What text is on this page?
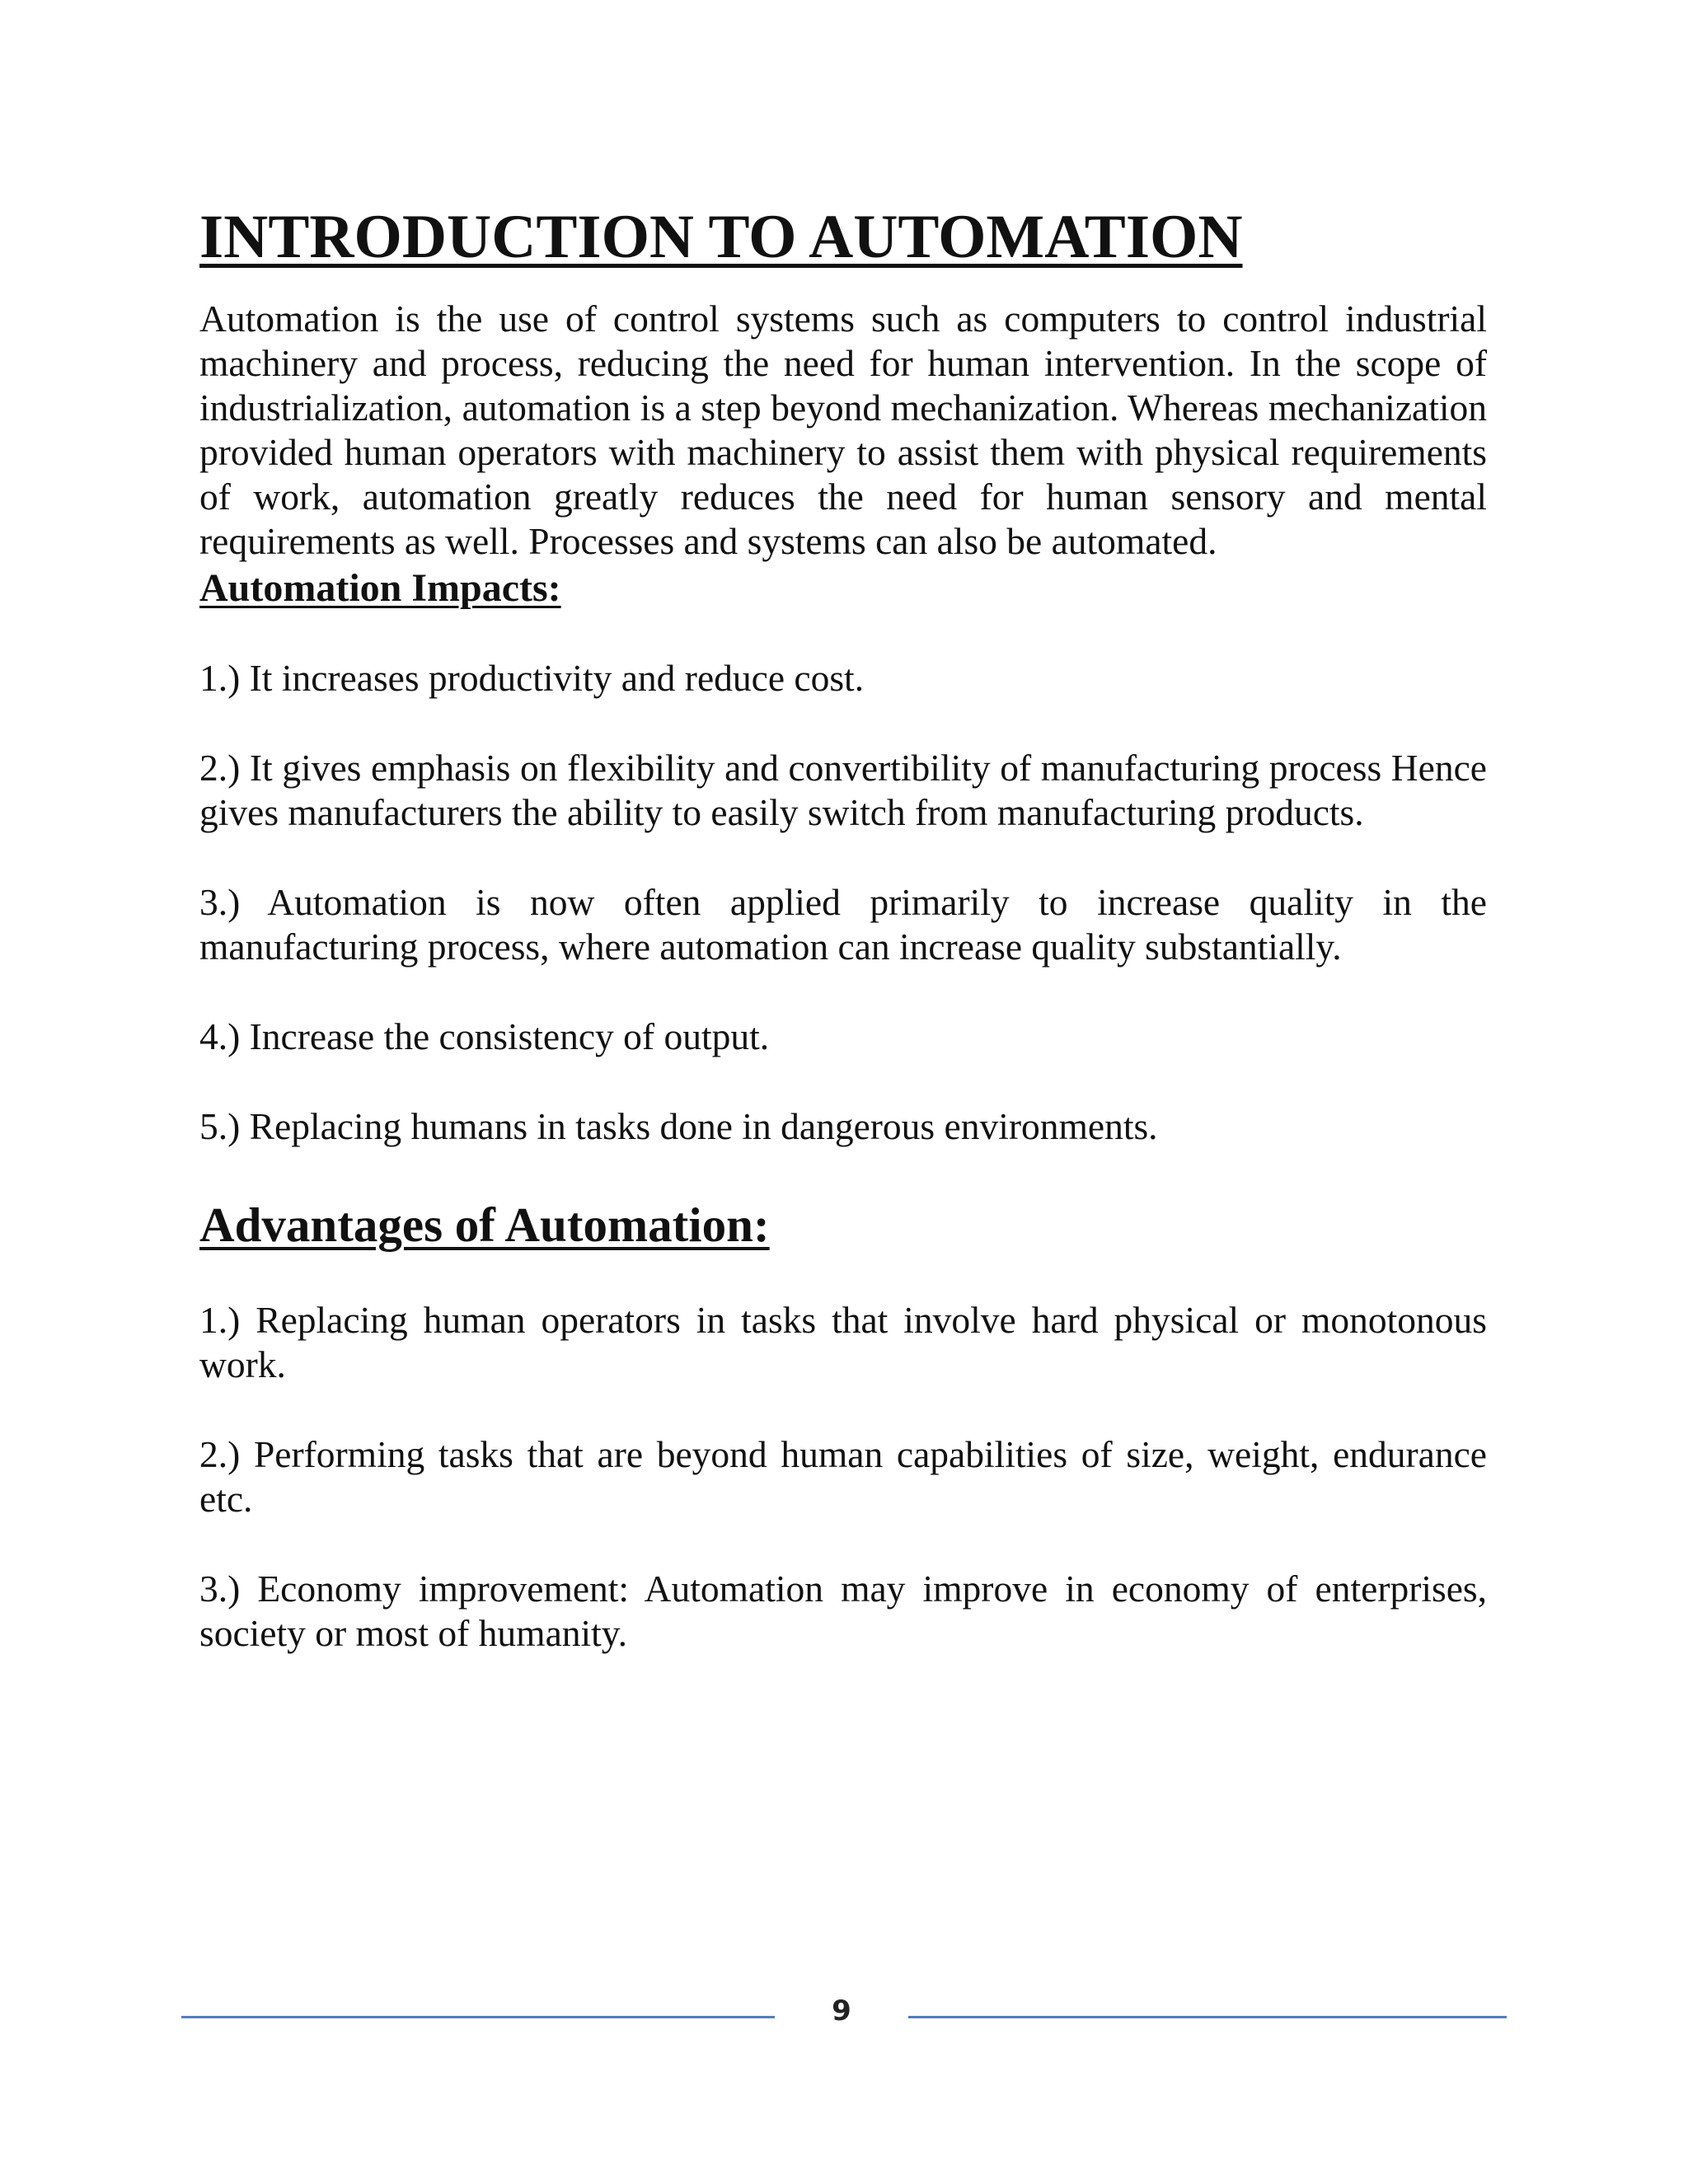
INTRODUCTION TO AUTOMATION

Automation is the use of control systems such as computers to control industrial machinery and process, reducing the need for human intervention. In the scope of industrialization, automation is a step beyond mechanization. Whereas mechanization provided human operators with machinery to assist them with physical requirements of work, automation greatly reduces the need for human sensory and mental requirements as well. Processes and systems can also be automated.

Automation Impacts:

1.) It increases productivity and reduce cost.

2.) It gives emphasis on flexibility and convertibility of manufacturing process Hence gives manufacturers the ability to easily switch from manufacturing products.

3.) Automation is now often applied primarily to increase quality in the manufacturing process, where automation can increase quality substantially.

4.) Increase the consistency of output.

5.) Replacing humans in tasks done in dangerous environments.

Advantages of Automation:

1.) Replacing human operators in tasks that involve hard physical or monotonous work.

2.) Performing tasks that are beyond human capabilities of size, weight, endurance etc.

3.) Economy improvement: Automation may improve in economy of enterprises, society or most of humanity.

9
